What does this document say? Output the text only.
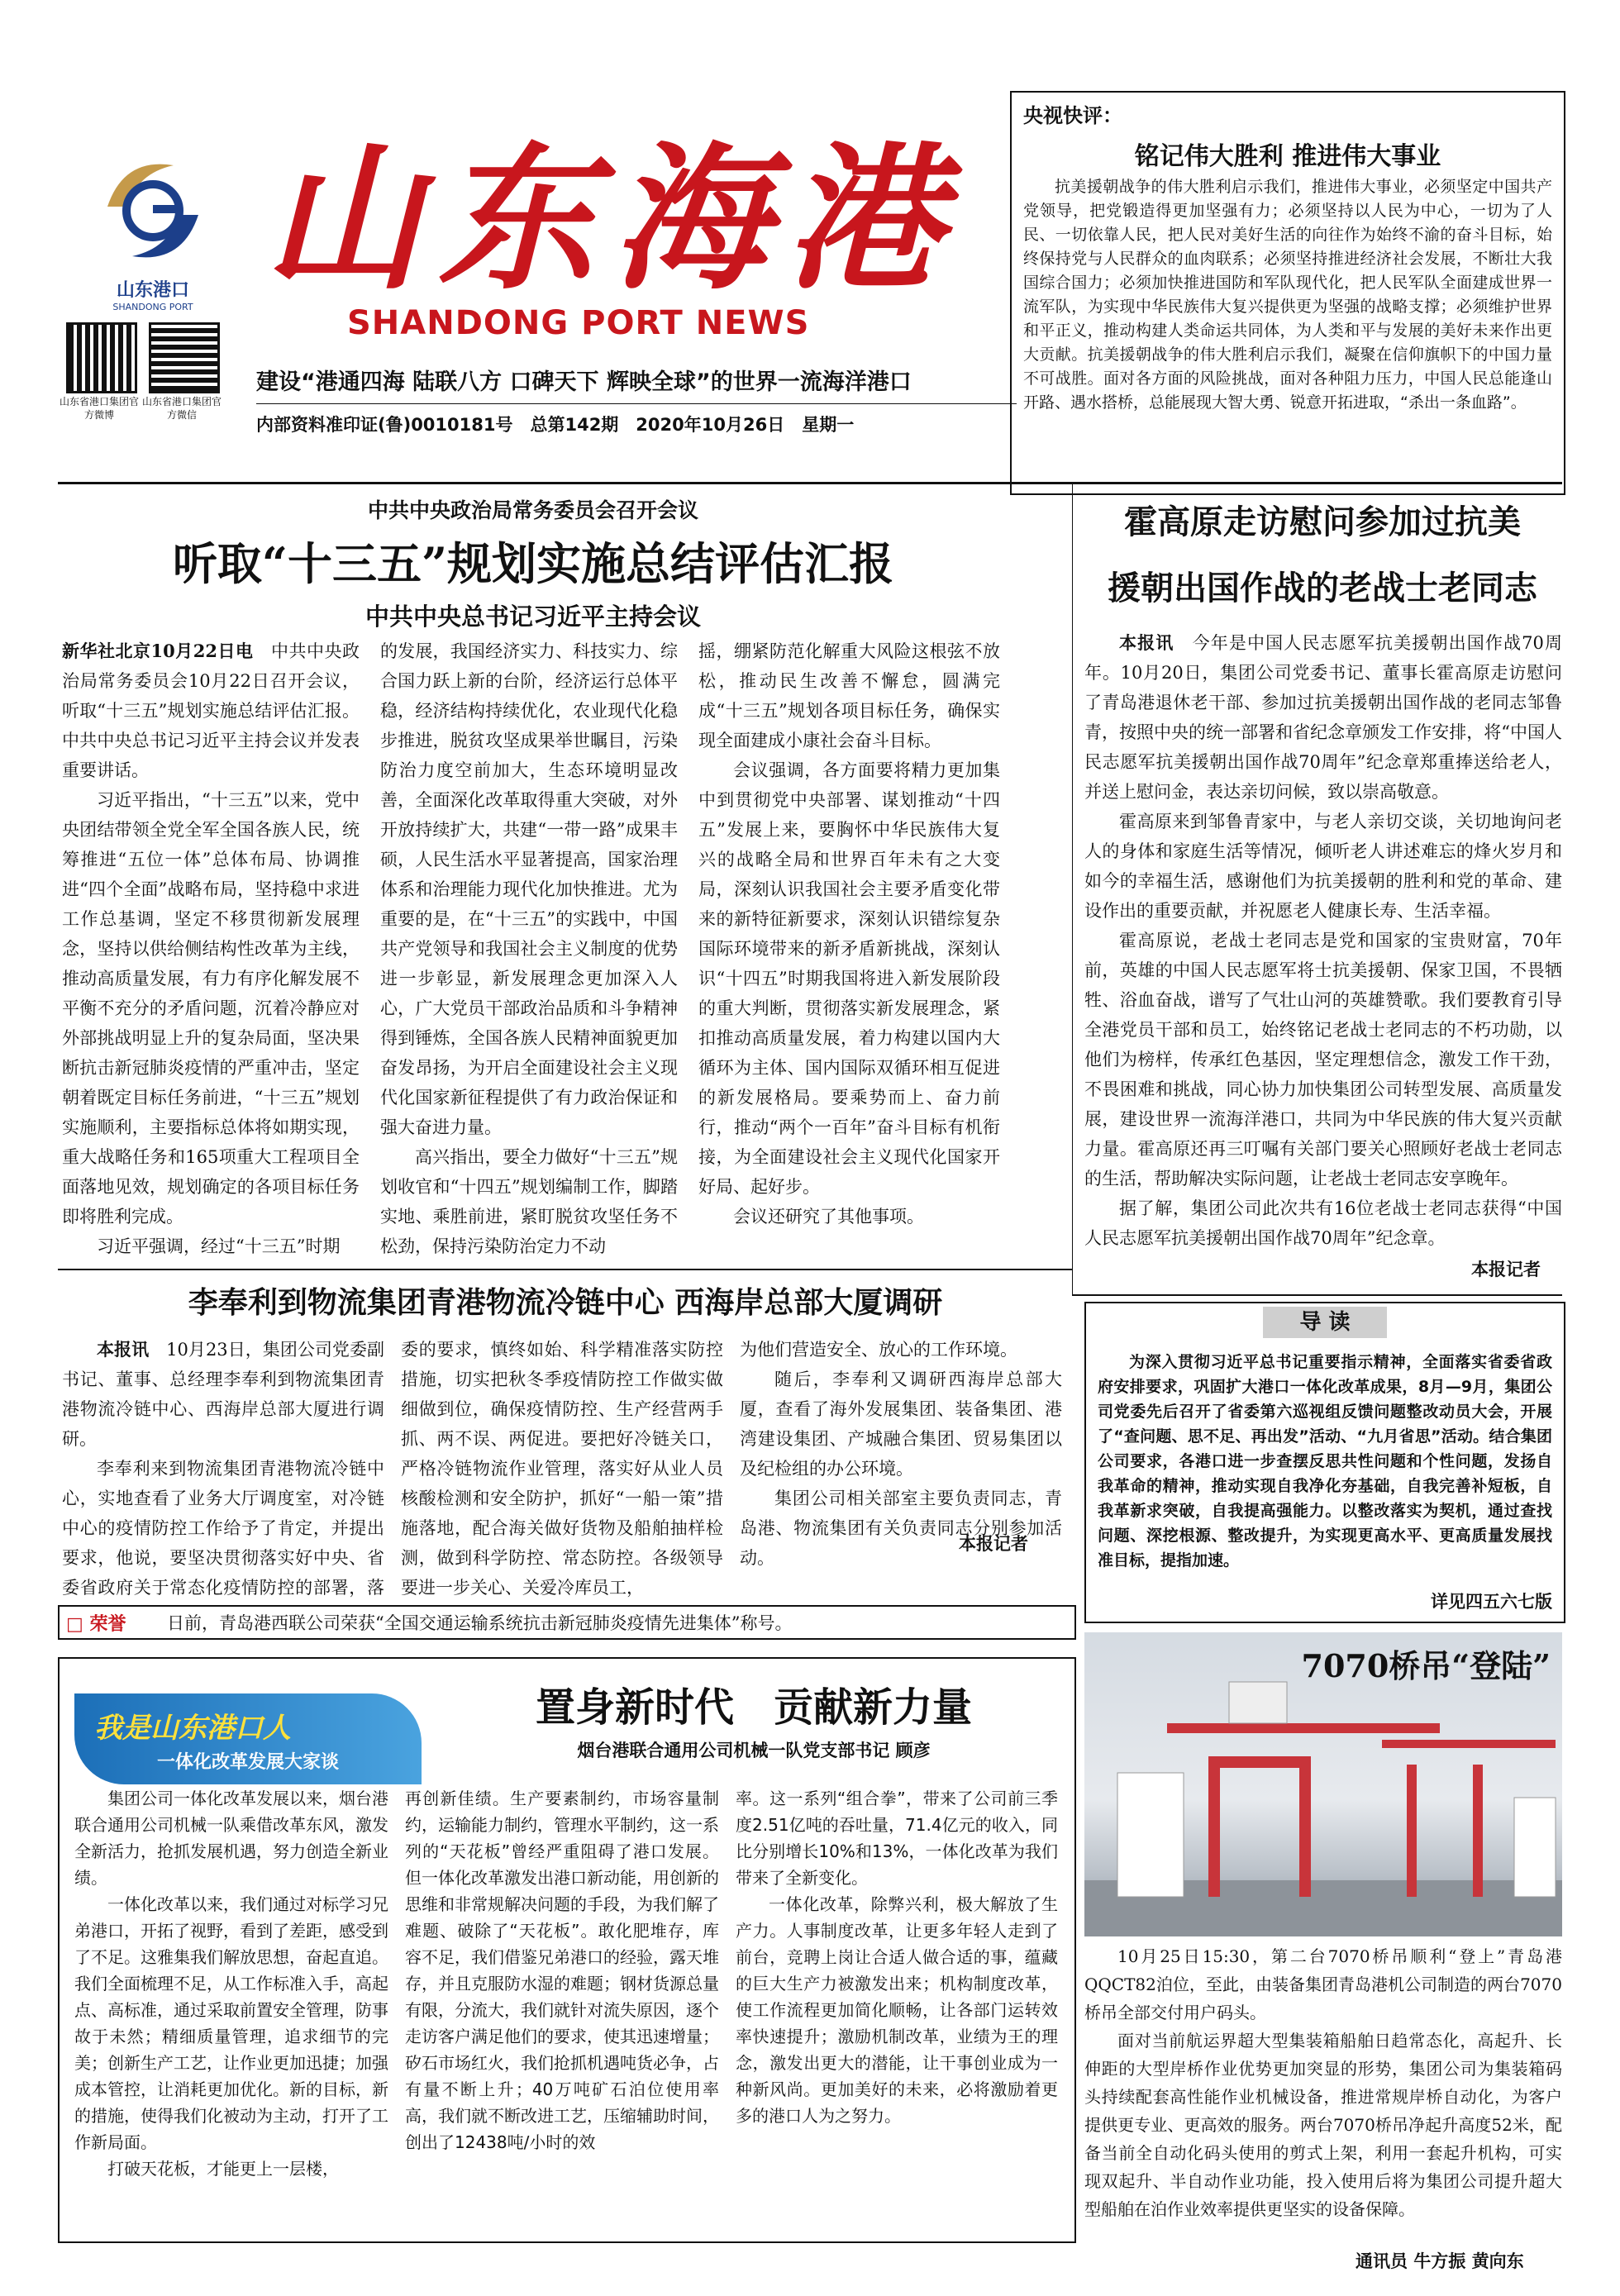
山东港口
SHANDONG PORT 山东海港
SHANDONG PORT NEWS
山东省港口集团官方微博
山东省港口集团官方微信
建设“港通四海 陆联八方 口碑天下 辉映全球”的世界一流海洋港口
内部资料准印证(鲁)0010181号　总第142期　2020年10月26日　星期一
央视快评：
铭记伟大胜利 推进伟大事业
抗美援朝战争的伟大胜利启示我们，推进伟大事业，必须坚定中国共产党领导，把党锻造得更加坚强有力；必须坚持以人民为中心，一切为了人民、一切依靠人民，把人民对美好生活的向往作为始终不渝的奋斗目标，始终保持党与人民群众的血肉联系；必须坚持推进经济社会发展，不断壮大我国综合国力；必须加快推进国防和军队现代化，把人民军队全面建成世界一流军队，为实现中华民族伟大复兴提供更为坚强的战略支撑；必须维护世界和平正义，推动构建人类命运共同体，为人类和平与发展的美好未来作出更大贡献。抗美援朝战争的伟大胜利启示我们，凝聚在信仰旗帜下的中国力量不可战胜。面对各方面的风险挑战，面对各种阻力压力，中国人民总能逢山开路、遇水搭桥，总能展现大智大勇、锐意开拓进取，“杀出一条血路”。
中共中央政治局常务委员会召开会议
听取“十三五”规划实施总结评估汇报
中共中央总书记习近平主持会议

新华社北京10月22日电　 中共中央政治局常务委员会10月22日召开会议，听取“十三五”规划实施总结评估汇报。中共中央总书记习近平主持会议并发表重要讲话。

习近平指出，“十三五”以来，党中央团结带领全党全军全国各族人民，统筹推进“五位一体”总体布局、协调推进“四个全面”战略布局，坚持稳中求进工作总基调，坚定不移贯彻新发展理念，坚持以供给侧结构性改革为主线，推动高质量发展，有力有序化解发展不平衡不充分的矛盾问题，沉着冷静应对外部挑战明显上升的复杂局面，坚决果断抗击新冠肺炎疫情的严重冲击，坚定朝着既定目标任务前进，“十三五”规划实施顺利，主要指标总体将如期实现，重大战略任务和165项重大工程项目全面落地见效，规划确定的各项目标任务即将胜利完成。

习近平强调，经过“十三五”时期

的发展，我国经济实力、科技实力、综合国力跃上新的台阶，经济运行总体平稳，经济结构持续优化，农业现代化稳步推进，脱贫攻坚成果举世瞩目，污染防治力度空前加大，生态环境明显改善，全面深化改革取得重大突破，对外开放持续扩大，共建“一带一路”成果丰硕，人民生活水平显著提高，国家治理体系和治理能力现代化加快推进。尤为重要的是，在“十三五”的实践中，中国共产党领导和我国社会主义制度的优势进一步彰显，新发展理念更加深入人心，广大党员干部政治品质和斗争精神得到锤炼，全国各族人民精神面貌更加奋发昂扬，为开启全面建设社会主义现代化国家新征程提供了有力政治保证和强大奋进力量。

高兴指出，要全力做好“十三五”规划收官和“十四五”规划编制工作，脚踏实地、乘胜前进，紧盯脱贫攻坚任务不松劲，保持污染防治定力不动

摇，绷紧防范化解重大风险这根弦不放松，推动民生改善不懈怠，圆满完成“十三五”规划各项目标任务，确保实现全面建成小康社会奋斗目标。

会议强调，各方面要将精力更加集中到贯彻党中央部署、谋划推动“十四五”发展上来，要胸怀中华民族伟大复兴的战略全局和世界百年未有之大变局，深刻认识我国社会主要矛盾变化带来的新特征新要求，深刻认识错综复杂国际环境带来的新矛盾新挑战，深刻认识“十四五”时期我国将进入新发展阶段的重大判断，贯彻落实新发展理念，紧扣推动高质量发展，着力构建以国内大循环为主体、国内国际双循环相互促进的新发展格局。要乘势而上、奋力前行，推动“两个一百年”奋斗目标有机衔接，为全面建设社会主义现代化国家开好局、起好步。

会议还研究了其他事项。

霍高原走访慰问参加过抗美
援朝出国作战的老战士老同志

本报讯　 今年是中国人民志愿军抗美援朝出国作战70周年。10月20日，集团公司党委书记、董事长霍高原走访慰问了青岛港退休老干部、参加过抗美援朝出国作战的老同志邹鲁青，按照中央的统一部署和省纪念章颁发工作安排，将“中国人民志愿军抗美援朝出国作战70周年”纪念章郑重捧送给老人，并送上慰问金，表达亲切问候，致以崇高敬意。

霍高原来到邹鲁青家中，与老人亲切交谈，关切地询问老人的身体和家庭生活等情况，倾听老人讲述难忘的烽火岁月和如今的幸福生活，感谢他们为抗美援朝的胜利和党的革命、建设作出的重要贡献，并祝愿老人健康长寿、生活幸福。

霍高原说，老战士老同志是党和国家的宝贵财富，70年前，英雄的中国人民志愿军将士抗美援朝、保家卫国，不畏牺牲、浴血奋战，谱写了气壮山河的英雄赞歌。我们要教育引导全港党员干部和员工，始终铭记老战士老同志的不朽功勋，以他们为榜样，传承红色基因，坚定理想信念，激发工作干劲，不畏困难和挑战，同心协力加快集团公司转型发展、高质量发展，建设世界一流海洋港口，共同为中华民族的伟大复兴贡献力量。霍高原还再三叮嘱有关部门要关心照顾好老战士老同志的生活，帮助解决实际问题，让老战士老同志安享晚年。

据了解，集团公司此次共有16位老战士老同志获得“中国人民志愿军抗美援朝出国作战70周年”纪念章。

本报记者
李奉利到物流集团青港物流冷链中心 西海岸总部大厦调研

本报讯　 10月23日，集团公司党委副书记、董事、总经理李奉利到物流集团青港物流冷链中心、西海岸总部大厦进行调研。

李奉利来到物流集团青港物流冷链中心，实地查看了业务大厅调度室，对冷链中心的疫情防控工作给予了肯定，并提出要求，他说，要坚决贯彻落实好中央、省委省政府关于常态化疫情防控的部署，落

委的要求，慎终如始、科学精准落实防控措施，切实把秋冬季疫情防控工作做实做细做到位，确保疫情防控、生产经营两手抓、两不误、两促进。要把好冷链关口，严格冷链物流作业管理，落实好从业人员核酸检测和安全防护，抓好“一船一策”措施落地，配合海关做好货物及船舶抽样检测，做到科学防控、常态防控。各级领导要进一步关心、关爱冷库员工，

为他们营造安全、放心的工作环境。

随后，李奉利又调研西海岸总部大厦，查看了海外发展集团、装备集团、港湾建设集团、产城融合集团、贸易集团以及纪检组的办公环境。

集团公司相关部室主要负责同志，青岛港、物流集团有关负责同志分别参加活动。

本报记者
□ 荣誉 日前，青岛港西联公司荣获“全国交通运输系统抗击新冠肺炎疫情先进集体”称号。
导 读
为深入贯彻习近平总书记重要指示精神，全面落实省委省政府安排要求，巩固扩大港口一体化改革成果，8月—9月，集团公司党委先后召开了省委第六巡视组反馈问题整改动员大会，开展了“查问题、思不足、再出发”活动、“九月省思”活动。结合集团公司要求，各港口进一步查摆反思共性问题和个性问题，发扬自我革命的精神，推动实现自我净化夯基础，自我完善补短板，自我革新求突破，自我提高强能力。以整改落实为契机，通过查找问题、深挖根源、整改提升，为实现更高水平、更高质量发展找准目标，提指加速。
详见四五六七版
7070桥吊“登陆”

10月25日15:30，第二台7070桥吊顺利“登上”青岛港QQCT82泊位，至此，由装备集团青岛港机公司制造的两台7070桥吊全部交付用户码头。

面对当前航运界超大型集装箱船舶日趋常态化，高起升、长伸距的大型岸桥作业优势更加突显的形势，集团公司为集装箱码头持续配套高性能作业机械设备，推进常规岸桥自动化，为客户提供更专业、更高效的服务。两台7070桥吊净起升高度52米，配备当前全自动化码头使用的剪式上架，利用一套起升机构，可实现双起升、半自动作业功能，投入使用后将为集团公司提升超大型船舶在泊作业效率提供更坚实的设备保障。

通讯员 牛方振 黄向东
我是山东港口人
一体化改革发展大家谈
置身新时代　贡献新力量
烟台港联合通用公司机械一队党支部书记 顾彦

集团公司一体化改革发展以来，烟台港联合通用公司机械一队乘借改革东风，激发全新活力，抢抓发展机遇，努力创造全新业绩。

一体化改革以来，我们通过对标学习兄弟港口，开拓了视野，看到了差距，感受到了不足。这雅集我们解放思想，奋起直追。我们全面梳理不足，从工作标准入手，高起点、高标准，通过采取前置安全管理，防事故于未然；精细质量管理，追求细节的完美；创新生产工艺，让作业更加迅捷；加强成本管控，让消耗更加优化。新的目标，新的措施，使得我们化被动为主动，打开了工作新局面。

打破天花板，才能更上一层楼，

再创新佳绩。生产要素制约，市场容量制约，运输能力制约，管理水平制约，这一系列的“天花板”曾经严重阻碍了港口发展。但一体化改革激发出港口新动能，用创新的思维和非常规解决问题的手段，为我们解了难题、破除了“天花板”。敢化肥堆存，库容不足，我们借鉴兄弟港口的经验，露天堆存，并且克服防水湿的难题；钢材货源总量有限，分流大，我们就针对流失原因，逐个走访客户满足他们的要求，使其迅速增量；矽石市场红火，我们抢抓机遇吨货必争，占有量不断上升；40万吨矿石泊位使用率高，我们就不断改进工艺，压缩辅助时间，创出了12438吨/小时的效

率。这一系列“组合拳”，带来了公司前三季度2.51亿吨的吞吐量，71.4亿元的收入，同比分别增长10%和13%，一体化改革为我们带来了全新变化。

一体化改革，除弊兴利，极大解放了生产力。人事制度改革，让更多年轻人走到了前台，竞聘上岗让合适人做合适的事，蕴藏的巨大生产力被激发出来；机构制度改革，使工作流程更加简化顺畅，让各部门运转效率快速提升；激励机制改革，业绩为王的理念，激发出更大的潜能，让干事创业成为一种新风尚。更加美好的未来，必将激励着更多的港口人为之努力。
